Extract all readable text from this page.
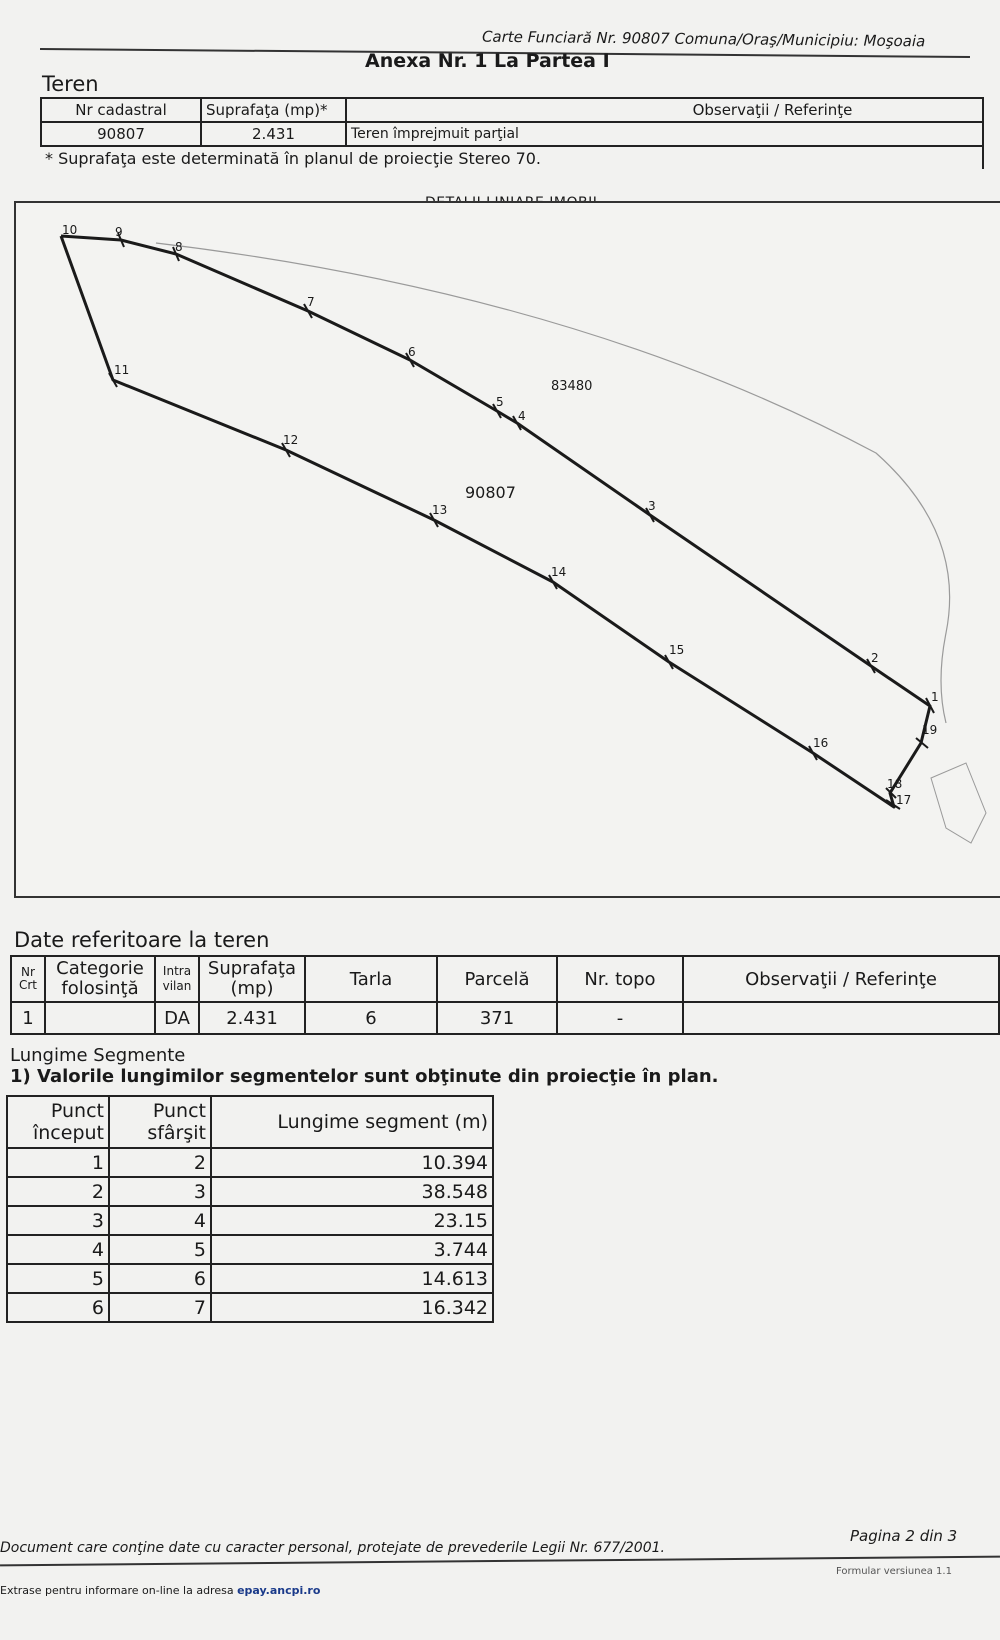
Carte Funciară Nr. 90807 Comuna/Oraş/Municipiu: Moşoaia
Anexa Nr. 1 La Partea I
Teren
Nr cadastral	Suprafaţa (mp)*	Observaţii / Referinţe
90807	2.431	Teren împrejmuit parţial
* Suprafaţa este determinată în planul de proiecţie Stereo 70.		
90807
83480
1
2
3
4
5
6
7
8
9
10
11
12
13
14
15
16
17
18
19
Date referitoare la teren
Nr Crt	Categorie folosinţă	Intra vilan	Suprafaţa (mp)	Tarla	Parcelă	Nr. topo	Observaţii / Referinţe
1		DA	2.431	6	371	-	
Lungime Segmente
1) Valorile lungimilor segmentelor sunt obţinute din proiecţie în plan.
Punct început	Punct sfârşit	Lungime segment (m)
1	2	10.394
2	3	38.548
3	4	23.15
4	5	3.744
5	6	14.613
6	7	16.342
Document care conţine date cu caracter personal, protejate de prevederile Legii Nr. 677/2001.
Pagina 2 din 3
Extrase pentru informare on-line la adresa epay.ancpi.ro
Formular versiunea 1.1
